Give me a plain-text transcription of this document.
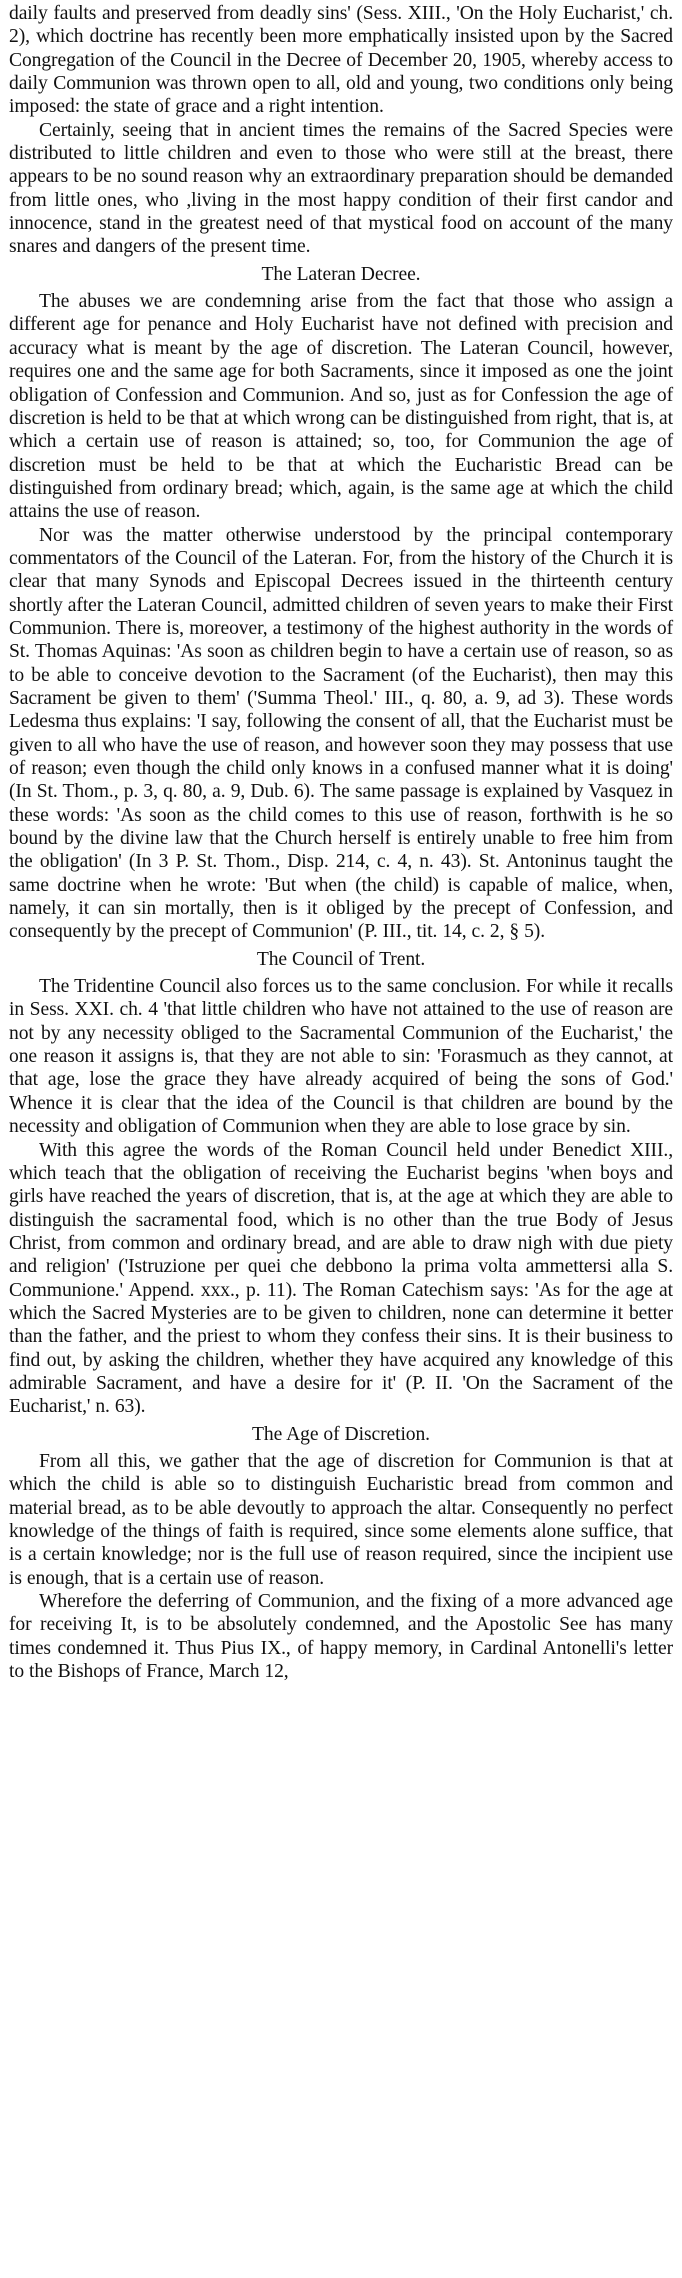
daily faults and preserved from deadly sins' (Sess. XIII., 'On the Holy Eucharist,' ch. 2), which doctrine has recently been more emphatically insisted upon by the Sacred Congregation of the Council in the Decree of December 20, 1905, whereby access to daily Communion was thrown open to all, old and young, two conditions only being imposed: the state of grace and a right intention.

Certainly, seeing that in ancient times the remains of the Sacred Species were distributed to little children and even to those who were still at the breast, there appears to be no sound reason why an extraordinary preparation should be demanded from little ones, who ,living in the most happy condition of their first candor and innocence, stand in the greatest need of that mystical food on account of the many snares and dangers of the present time.

The Lateran Decree.

The abuses we are condemning arise from the fact that those who assign a different age for penance and Holy Eucharist have not defined with precision and accuracy what is meant by the age of discretion. The Lateran Council, however, requires one and the same age for both Sacraments, since it imposed as one the joint obligation of Confession and Communion. And so, just as for Confession the age of discretion is held to be that at which wrong can be distinguished from right, that is, at which a certain use of reason is attained; so, too, for Communion the age of discretion must be held to be that at which the Eucharistic Bread can be distinguished from ordinary bread; which, again, is the same age at which the child attains the use of reason.

Nor was the matter otherwise understood by the principal contemporary commentators of the Council of the Lateran. For, from the history of the Church it is clear that many Synods and Episcopal Decrees issued in the thirteenth century shortly after the Lateran Council, admitted children of seven years to make their First Communion. There is, moreover, a testimony of the highest authority in the words of St. Thomas Aquinas: 'As soon as children begin to have a certain use of reason, so as to be able to conceive devotion to the Sacrament (of the Eucharist), then may this Sacrament be given to them' ('Summa Theol.' III., q. 80, a. 9, ad 3). These words Ledesma thus explains: 'I say, following the consent of all, that the Eucharist must be given to all who have the use of reason, and however soon they may possess that use of reason; even though the child only knows in a confused manner what it is doing' (In St. Thom., p. 3, q. 80, a. 9, Dub. 6). The same passage is explained by Vasquez in these words: 'As soon as the child comes to this use of reason, forthwith is he so bound by the divine law that the Church herself is entirely unable to free him from the obligation' (In 3 P. St. Thom., Disp. 214, c. 4, n. 43). St. Antoninus taught the same doctrine when he wrote: 'But when (the child) is capable of malice, when, namely, it can sin mortally, then is it obliged by the precept of Confession, and consequently by the precept of Communion' (P. III., tit. 14, c. 2, § 5).

The Council of Trent.

The Tridentine Council also forces us to the same conclusion. For while it recalls in Sess. XXI. ch. 4 'that little children who have not attained to the use of reason are not by any necessity obliged to the Sacramental Communion of the Eucharist,' the one reason it assigns is, that they are not able to sin: 'Forasmuch as they cannot, at that age, lose the grace they have already acquired of being the sons of God.' Whence it is clear that the idea of the Council is that children are bound by the necessity and obligation of Communion when they are able to lose grace by sin.

With this agree the words of the Roman Council held under Benedict XIII., which teach that the obligation of receiving the Eucharist begins 'when boys and girls have reached the years of discretion, that is, at the age at which they are able to distinguish the sacramental food, which is no other than the true Body of Jesus Christ, from common and ordinary bread, and are able to draw nigh with due piety and religion' ('Istruzione per quei che debbono la prima volta ammettersi alla S. Communione.' Append. xxx., p. 11). The Roman Catechism says: 'As for the age at which the Sacred Mysteries are to be given to children, none can determine it better than the father, and the priest to whom they confess their sins. It is their business to find out, by asking the children, whether they have acquired any knowledge of this admirable Sacrament, and have a desire for it' (P. II. 'On the Sacrament of the Eucharist,' n. 63).

The Age of Discretion.

From all this, we gather that the age of discretion for Communion is that at which the child is able so to distinguish Eucharistic bread from common and material bread, as to be able devoutly to approach the altar. Consequently no perfect knowledge of the things of faith is required, since some elements alone suffice, that is a certain knowledge; nor is the full use of reason required, since the incipient use is enough, that is a certain use of reason.

Wherefore the deferring of Communion, and the fixing of a more advanced age for receiving It, is to be absolutely condemned, and the Apostolic See has many times condemned it. Thus Pius IX., of happy memory, in Cardinal Antonelli's letter to the Bishops of France, March 12,
